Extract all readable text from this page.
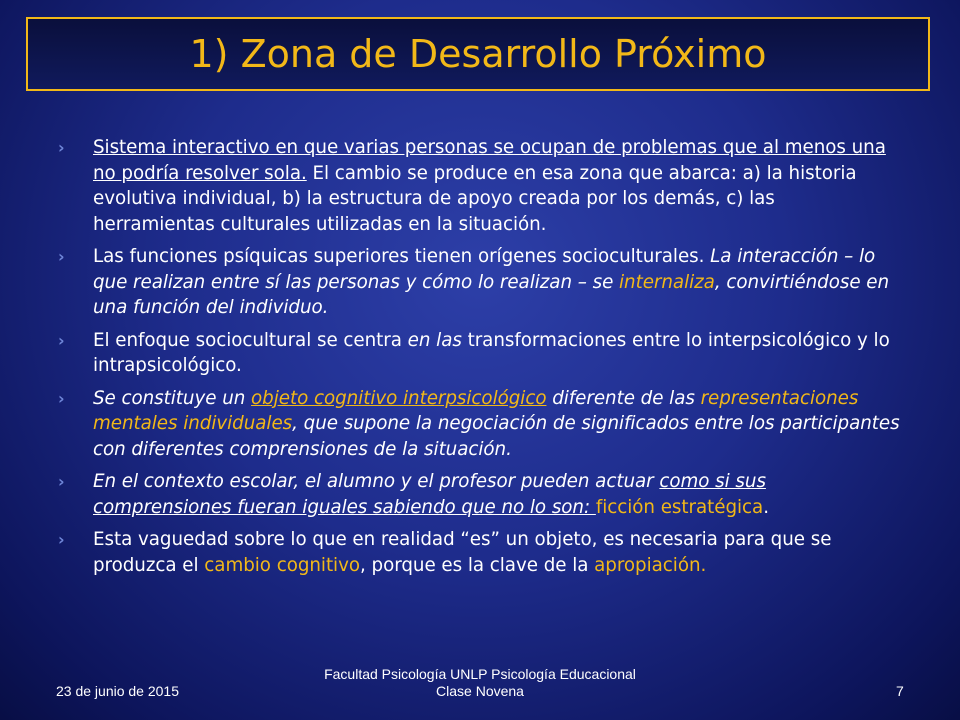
1) Zona de Desarrollo Próximo
› Sistema interactivo en que varias personas se ocupan de problemas que al menos una no podría resolver sola. El cambio se produce en esa zona que abarca: a) la historia evolutiva individual, b) la estructura de apoyo creada por los demás, c) las herramientas culturales utilizadas en la situación.
› Las funciones psíquicas superiores tienen orígenes socioculturales. La interacción – lo que realizan entre sí las personas y cómo lo realizan – se internaliza, convirtiéndose en una función del individuo.
› El enfoque sociocultural se centra en las transformaciones entre lo interpsicológico y lo intrapsicológico.
› Se constituye un objeto cognitivo interpsicológico diferente de las representaciones mentales individuales, que supone la negociación de significados entre los participantes con diferentes comprensiones de la situación.
› En el contexto escolar, el alumno y el profesor pueden actuar como si sus comprensiones fueran iguales sabiendo que no lo son: ficción estratégica.
› Esta vaguedad sobre lo que en realidad “es” un objeto, es necesaria para que se produzca el cambio cognitivo, porque es la clave de la apropiación.
23 de junio de 2015
Facultad Psicología UNLP Psicología Educacional
Clase Novena	7
